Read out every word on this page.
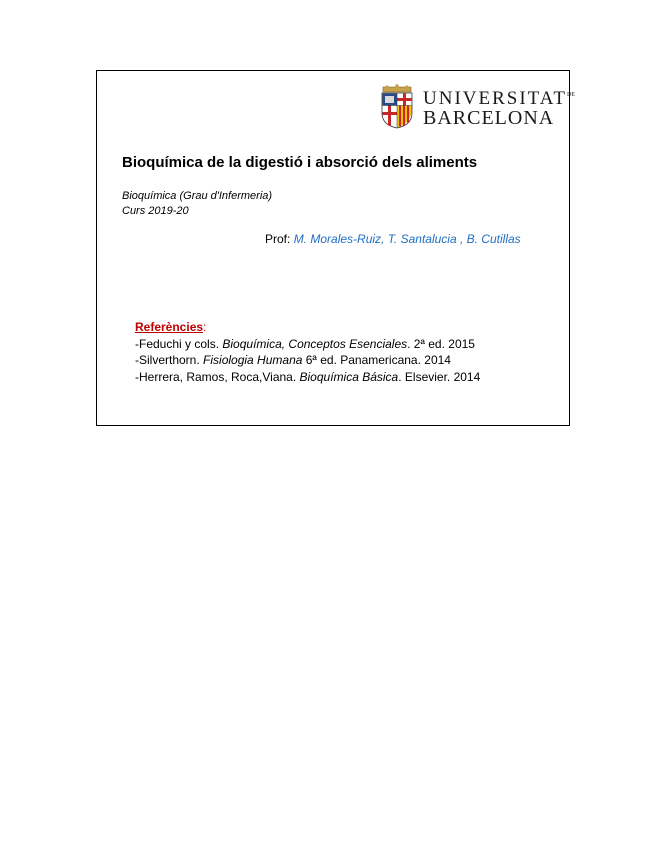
$UNIVERSITAT^{DE}$
BARCELONA
Bioquímica de la digestió i absorció dels aliments
Bioquímica (Grau d'Infermeria)
Curs 2019-20
Prof: M. Morales-Ruiz, T. Santalucia , B. Cutillas
Referències:
-Feduchi y cols. Bioquímica, Conceptos Esenciales. 2ª ed. 2015
-Silverthorn. Fisiologia Humana 6ª ed. Panamericana. 2014
-Herrera, Ramos, Roca,Viana. Bioquímica Básica. Elsevier. 2014
